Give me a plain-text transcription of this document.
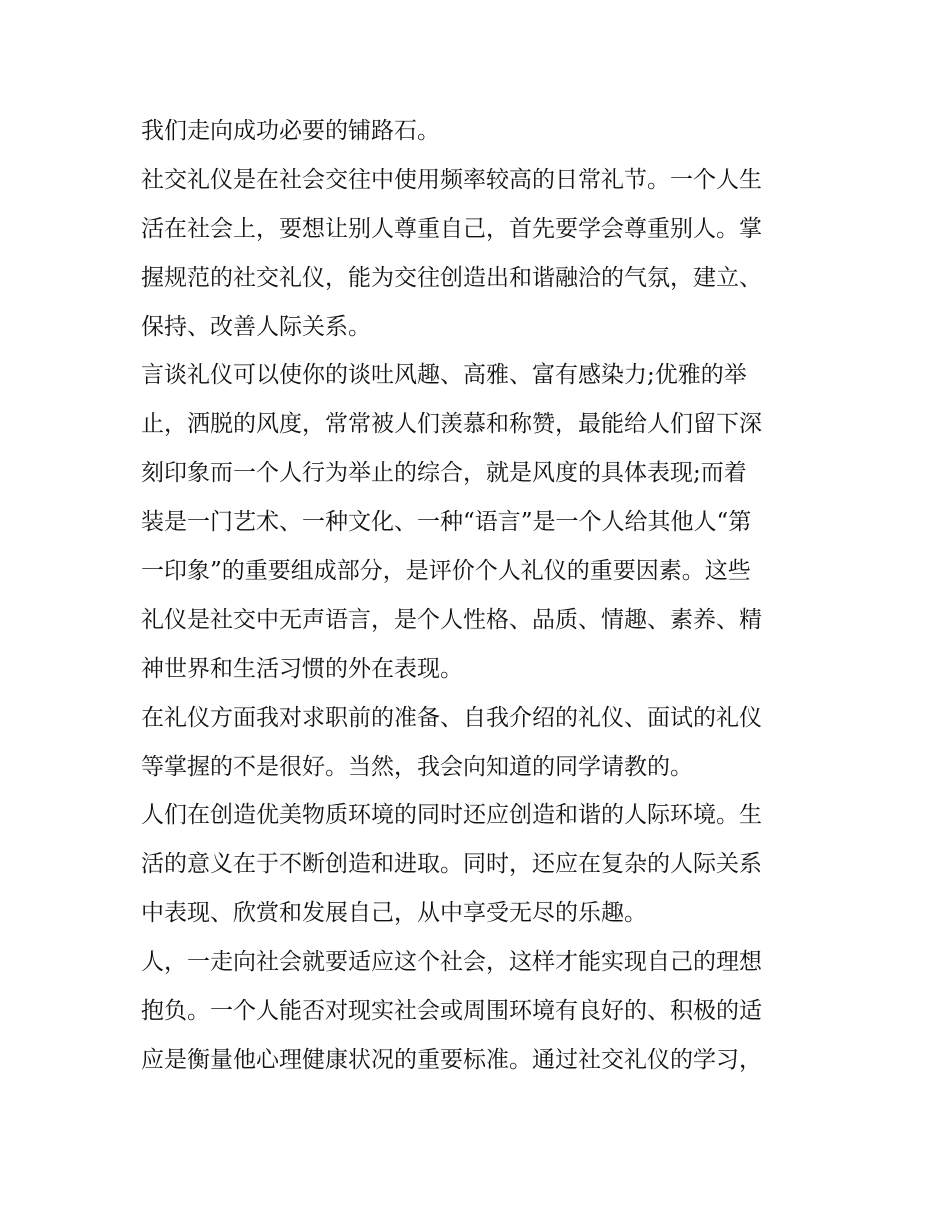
我们走向成功必要的铺路石。
社交礼仪是在社会交往中使用频率较高的日常礼节。一个人生
活在社会上，要想让别人尊重自己，首先要学会尊重别人。掌
握规范的社交礼仪，能为交往创造出和谐融洽的气氛，建立、
保持、改善人际关系。
言谈礼仪可以使你的谈吐风趣、高雅、富有感染力;优雅的举
止，洒脱的风度，常常被人们羡慕和称赞，最能给人们留下深
刻印象而一个人行为举止的综合，就是风度的具体表现;而着
装是一门艺术、一种文化、一种“语言”是一个人给其他人“第
一印象”的重要组成部分，是评价个人礼仪的重要因素。这些
礼仪是社交中无声语言，是个人性格、品质、情趣、素养、精
神世界和生活习惯的外在表现。
在礼仪方面我对求职前的准备、自我介绍的礼仪、面试的礼仪
等掌握的不是很好。当然，我会向知道的同学请教的。
人们在创造优美物质环境的同时还应创造和谐的人际环境。生
活的意义在于不断创造和进取。同时，还应在复杂的人际关系
中表现、欣赏和发展自己，从中享受无尽的乐趣。
人，一走向社会就要适应这个社会，这样才能实现自己的理想
抱负。一个人能否对现实社会或周围环境有良好的、积极的适
应是衡量他心理健康状况的重要标准。通过社交礼仪的学习，
